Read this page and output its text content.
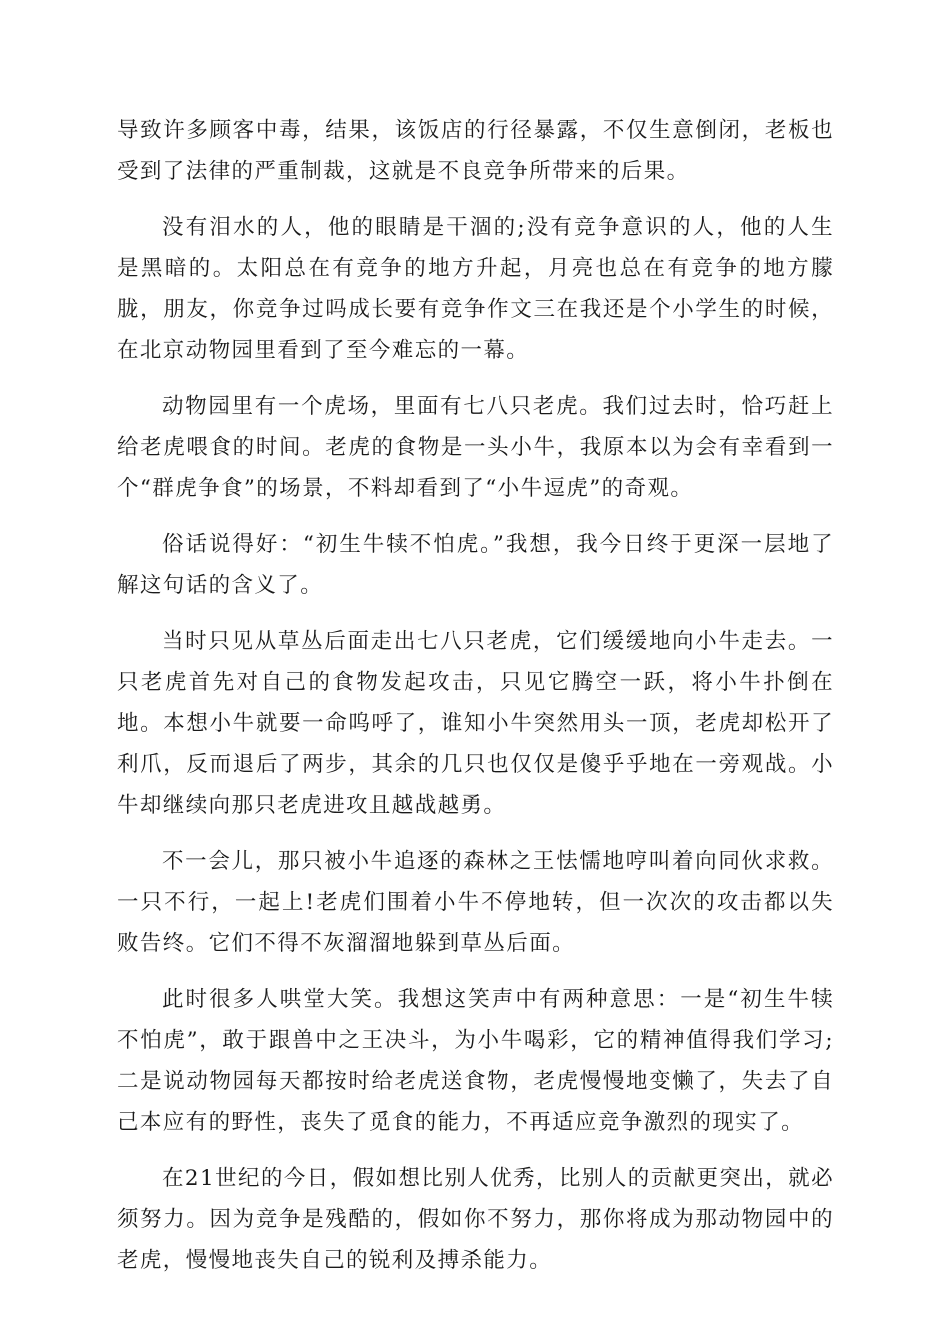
导致许多顾客中毒，结果，该饭店的行径暴露，不仅生意倒闭，老板也受到了法律的严重制裁，这就是不良竞争所带来的后果。

没有泪水的人，他的眼睛是干涸的;没有竞争意识的人，他的人生是黑暗的。太阳总在有竞争的地方升起，月亮也总在有竞争的地方朦胧，朋友，你竞争过吗成长要有竞争作文三在我还是个小学生的时候，在北京动物园里看到了至今难忘的一幕。

动物园里有一个虎场，里面有七八只老虎。我们过去时，恰巧赶上给老虎喂食的时间。老虎的食物是一头小牛，我原本以为会有幸看到一个“群虎争食”的场景，不料却看到了“小牛逗虎”的奇观。

俗话说得好：“初生牛犊不怕虎。”我想，我今日终于更深一层地了解这句话的含义了。

当时只见从草丛后面走出七八只老虎，它们缓缓地向小牛走去。一只老虎首先对自己的食物发起攻击，只见它腾空一跃，将小牛扑倒在地。本想小牛就要一命呜呼了，谁知小牛突然用头一顶，老虎却松开了利爪，反而退后了两步，其余的几只也仅仅是傻乎乎地在一旁观战。小牛却继续向那只老虎进攻且越战越勇。

不一会儿，那只被小牛追逐的森林之王怯懦地哼叫着向同伙求救。一只不行，一起上!老虎们围着小牛不停地转，但一次次的攻击都以失败告终。它们不得不灰溜溜地躲到草丛后面。

此时很多人哄堂大笑。我想这笑声中有两种意思：一是“初生牛犊不怕虎”，敢于跟兽中之王决斗，为小牛喝彩，它的精神值得我们学习;二是说动物园每天都按时给老虎送食物，老虎慢慢地变懒了，失去了自己本应有的野性，丧失了觅食的能力，不再适应竞争激烈的现实了。

在21世纪的今日，假如想比别人优秀，比别人的贡献更突出，就必须努力。因为竞争是残酷的，假如你不努力，那你将成为那动物园中的老虎，慢慢地丧失自己的锐利及搏杀能力。
